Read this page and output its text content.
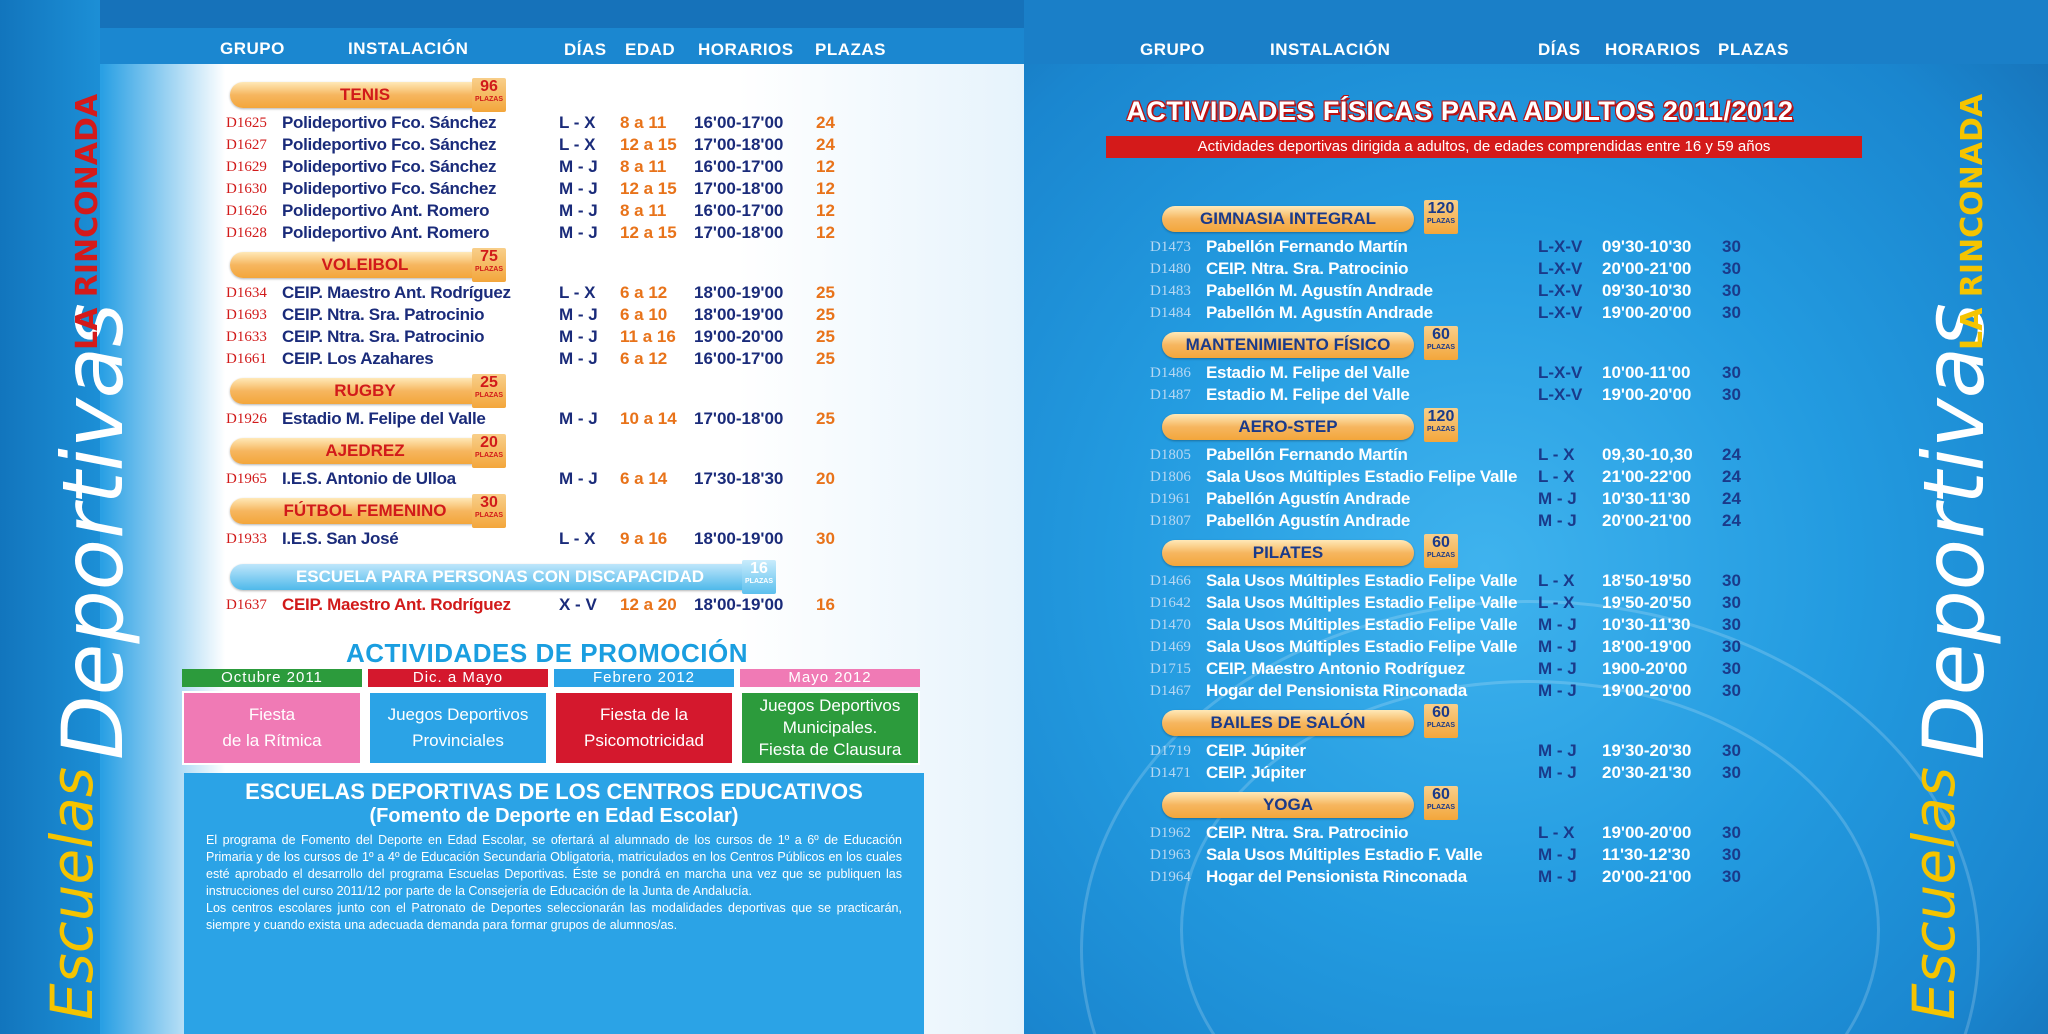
Escuelas
Deportivas
LA RINCONADA
Escuelas
Deportivas
LA RINCONADA
GRUPO	INSTALACIÓN	DÍAS EDAD HORARIOS PLAZAS	GRUPO	INSTALACIÓN	DÍAS HORARIOS PLAZAS
TENIS	96
PLAZAS
D1625 Polideportivo Fco. Sánchez	L - X 8 a 11 16'00-17'00 24
D1627 Polideportivo Fco. Sánchez	L - X 12 a 15 17'00-18'00 24
D1629 Polideportivo Fco. Sánchez	M - J 8 a 11 16'00-17'00 12
D1630 Polideportivo Fco. Sánchez	M - J 12 a 15 17'00-18'00 12
D1626 Polideportivo Ant. Romero	M - J 8 a 11 16'00-17'00 12
D1628 Polideportivo Ant. Romero	M - J 12 a 15 17'00-18'00 12
VOLEIBOL	75
PLAZAS
D1634 CEIP. Maestro Ant. Rodríguez	L - X 6 a 12 18'00-19'00 25
D1693 CEIP. Ntra. Sra. Patrocinio	M - J 6 a 10 18'00-19'00 25
D1633 CEIP. Ntra. Sra. Patrocinio	M - J 11 a 16 19'00-20'00 25
D1661 CEIP. Los Azahares	M - J 6 a 12 16'00-17'00 25
RUGBY	25
PLAZAS
D1926 Estadio M. Felipe del Valle	M - J 10 a 14 17'00-18'00 25
AJEDREZ	20
PLAZAS
D1965 I.E.S. Antonio de Ulloa	M - J 6 a 14 17'30-18'30 20
FÚTBOL FEMENINO	30
PLAZAS
D1933 I.E.S. San José	L - X 9 a 16 18'00-19'00 30
ESCUELA PARA PERSONAS CON DISCAPACIDAD	16
PLAZAS
D1637 CEIP. Maestro Ant. Rodríguez	X - V 12 a 20 18'00-19'00 16
ACTIVIDADES DE PROMOCIÓN
Octubre 2011
Fiesta
de la Rítmica
Dic. a Mayo
Juegos Deportivos
Provinciales
Febrero 2012
Fiesta de la
Psicomotricidad
Mayo 2012
Juegos Deportivos
Municipales.
Fiesta de Clausura
ESCUELAS DEPORTIVAS DE LOS CENTROS EDUCATIVOS
(Fomento de Deporte en Edad Escolar)
El programa de Fomento del Deporte en Edad Escolar, se ofertará al alumnado de los cursos de 1º a 6º de Educación Primaria y de los cursos de 1º a 4º de Educación Secundaria Obligatoria, matriculados en los Centros Públicos en los cuales esté aprobado el desarrollo del programa Escuelas Deportivas. Éste se pondrá en marcha una vez que se publiquen las instrucciones del curso 2011/12 por parte de la Consejería de Educación de la Junta de Andalucía.
Los centros escolares junto con el Patronato de Deportes seleccionarán las modalidades deportivas que se practicarán, siempre y cuando exista una adecuada demanda para formar grupos de alumnos/as.
ACTIVIDADES FÍSICAS PARA ADULTOS 2011/2012
Actividades deportivas dirigida a adultos, de edades comprendidas entre 16 y 59 años
GIMNASIA INTEGRAL
120
PLAZAS
D1473 Pabellón Fernando Martín	L-X-V 09'30-10'30 30
D1480 CEIP. Ntra. Sra. Patrocinio	L-X-V 20'00-21'00 30
D1483 Pabellón M. Agustín Andrade	L-X-V 09'30-10'30 30
D1484 Pabellón M. Agustín Andrade	L-X-V 19'00-20'00 30
MANTENIMIENTO FÍSICO
60
PLAZAS
D1486 Estadio M. Felipe del Valle	L-X-V 10'00-11'00 30
D1487 Estadio M. Felipe del Valle	L-X-V 19'00-20'00 30
AERO-STEP
120
PLAZAS
D1805 Pabellón Fernando Martín	L - X 09,30-10,30 24
D1806 Sala Usos Múltiples Estadio Felipe Valle L - X 21'00-22'00 24
D1961 Pabellón Agustín Andrade	M - J 10'30-11'30 24
D1807 Pabellón Agustín Andrade	M - J 20'00-21'00 24
PILATES
60
PLAZAS
D1466 Sala Usos Múltiples Estadio Felipe Valle L - X 18'50-19'50 30
D1642 Sala Usos Múltiples Estadio Felipe Valle L - X 19'50-20'50 30
D1470 Sala Usos Múltiples Estadio Felipe Valle M - J 10'30-11'30 30
D1469 Sala Usos Múltiples Estadio Felipe Valle M - J 18'00-19'00 30
D1715 CEIP. Maestro Antonio Rodríguez	M - J 1900-20'00 30
D1467 Hogar del Pensionista Rinconada	M - J 19'00-20'00 30
BAILES DE SALÓN
60
PLAZAS
D1719 CEIP. Júpiter	M - J 19'30-20'30 30
D1471 CEIP. Júpiter	M - J 20'30-21'30 30
YOGA
60
PLAZAS
D1962 CEIP. Ntra. Sra. Patrocinio	L - X 19'00-20'00 30
D1963 Sala Usos Múltiples Estadio F. Valle	M - J 11'30-12'30 30
D1964 Hogar del Pensionista Rinconada	M - J 20'00-21'00 30
